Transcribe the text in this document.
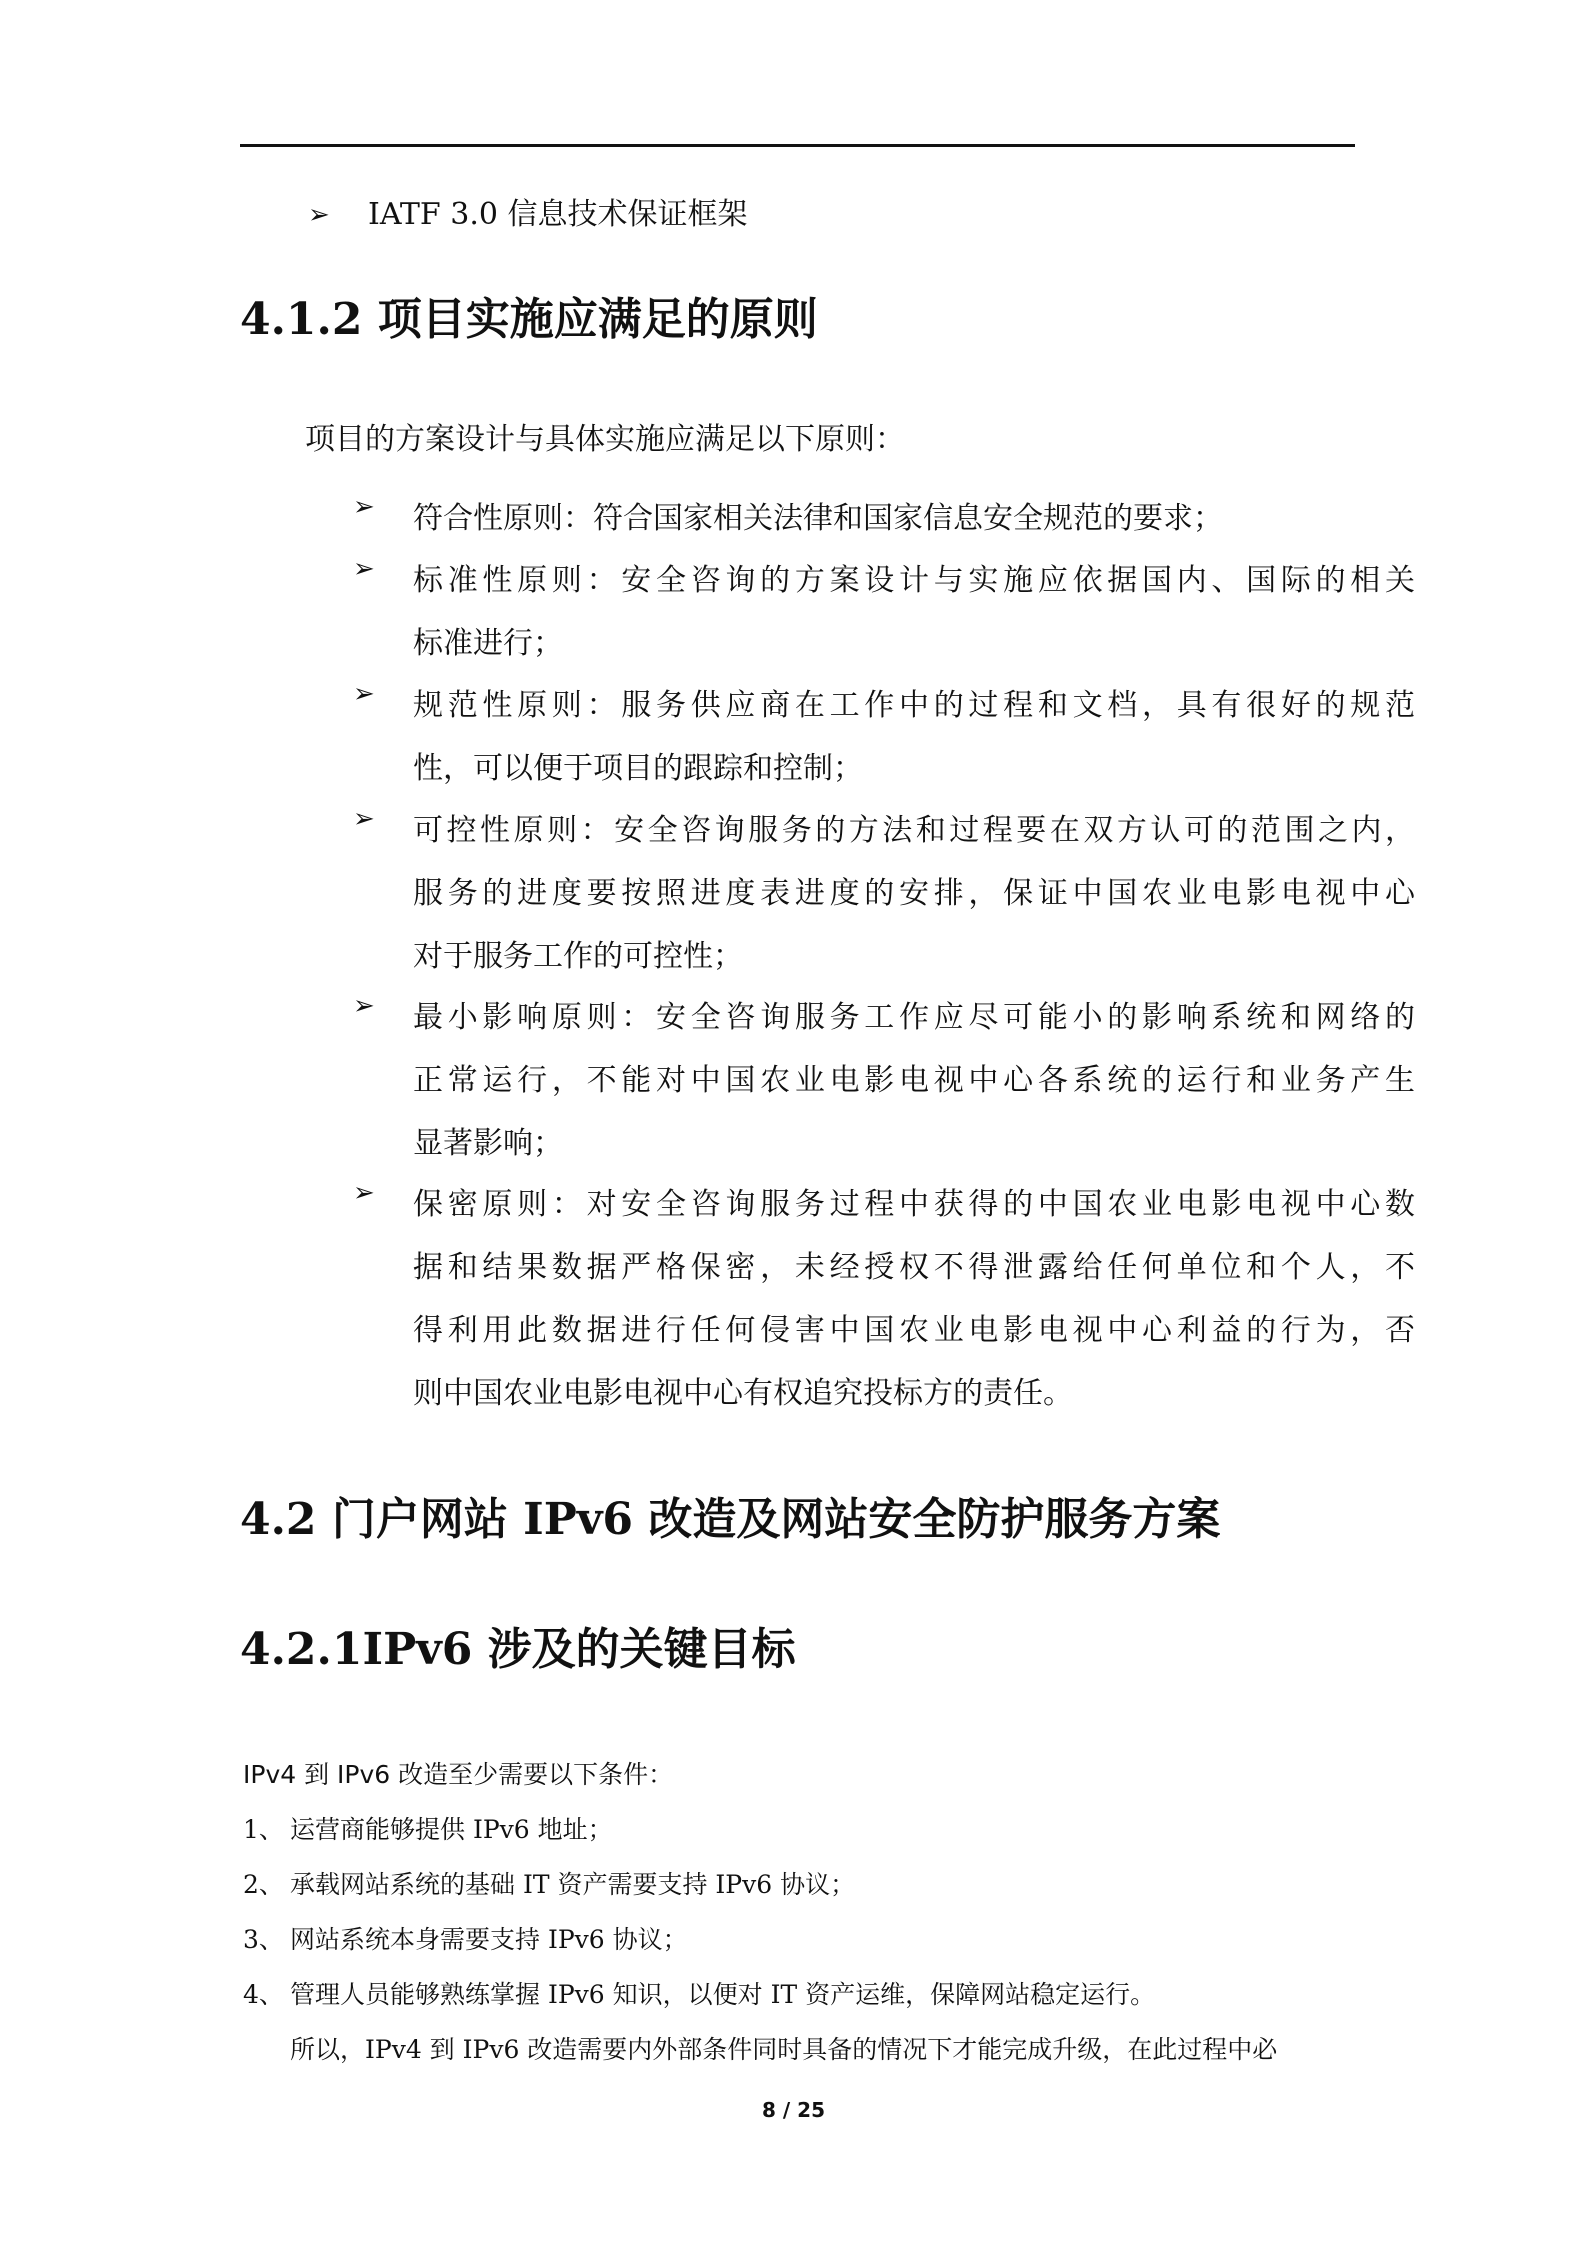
➢ IATF 3.0 信息技术保证框架
4.1.2 项目实施应满足的原则
项目的方案设计与具体实施应满足以下原则：
➢ 符合性原则：符合国家相关法律和国家信息安全规范的要求；
➢ 标准性原则：安全咨询的方案设计与实施应依据国内、国际的相关
标准进行；
➢ 规范性原则：服务供应商在工作中的过程和文档，具有很好的规范
性，可以便于项目的跟踪和控制；
➢ 可控性原则：安全咨询服务的方法和过程要在双方认可的范围之内，
服务的进度要按照进度表进度的安排，保证中国农业电影电视中心
对于服务工作的可控性；
➢ 最小影响原则：安全咨询服务工作应尽可能小的影响系统和网络的
正常运行，不能对中国农业电影电视中心各系统的运行和业务产生
显著影响；
➢ 保密原则：对安全咨询服务过程中获得的中国农业电影电视中心数
据和结果数据严格保密，未经授权不得泄露给任何单位和个人，不
得利用此数据进行任何侵害中国农业电影电视中心利益的行为，否
则中国农业电影电视中心有权追究投标方的责任。
4.2 门户网站 IPv6 改造及网站安全防护服务方案
4.2.1IPv6 涉及的关键目标
IPv4 到 IPv6 改造至少需要以下条件：
1、 运营商能够提供 IPv6 地址；
2、 承载网站系统的基础 IT 资产需要支持 IPv6 协议；
3、 网站系统本身需要支持 IPv6 协议；
4、 管理人员能够熟练掌握 IPv6 知识，以便对 IT 资产运维，保障网站稳定运行。
所以，IPv4 到 IPv6 改造需要内外部条件同时具备的情况下才能完成升级，在此过程中必
8 / 25
